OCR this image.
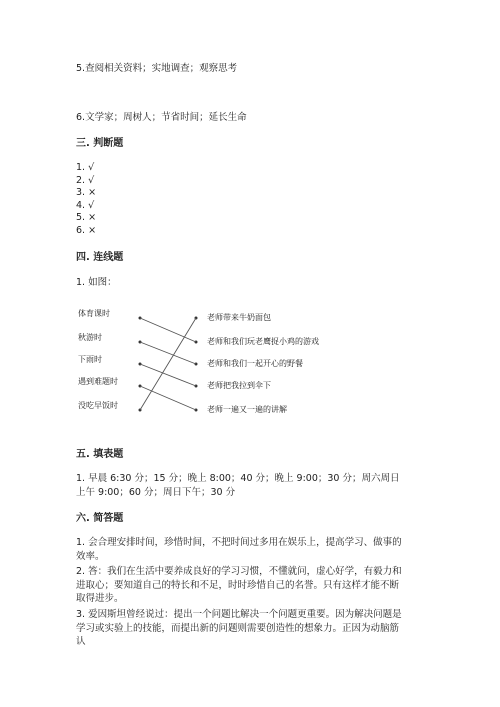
5.查阅相关资料；实地调查；观察思考
6.文学家；周树人；节省时间；延长生命
三. 判断题
1. √
2. √
3. ×
4. √
5. ×
6. ×
四. 连线题
1. 如图：
体育课时
秋游时
下雨时
遇到难题时
没吃早饭时
老师带来牛奶面包
老师和我们玩老鹰捉小鸡的游戏
老师和我们一起开心的野餐
老师把我拉到伞下
老师一遍又一遍的讲解
五. 填表题
1. 早晨 6:30 分；15 分；晚上 8:00；40 分；晚上 9:00；30 分；周六周日上午 9:00；60 分；周日下午；30 分
六. 简答题
1. 会合理安排时间，珍惜时间，不把时间过多用在娱乐上，提高学习、做事的效率。
2. 答：我们在生活中要养成良好的学习习惯，不懂就问，虚心好学，有毅力和进取心；要知道自己的特长和不足，时时珍惜自己的名誉。只有这样才能不断取得进步。
3. 爱因斯坦曾经说过：提出一个问题比解决一个问题更重要。因为解决问题是学习或实验上的技能，而提出新的问题则需要创造性的想象力。正因为动脑筋认
